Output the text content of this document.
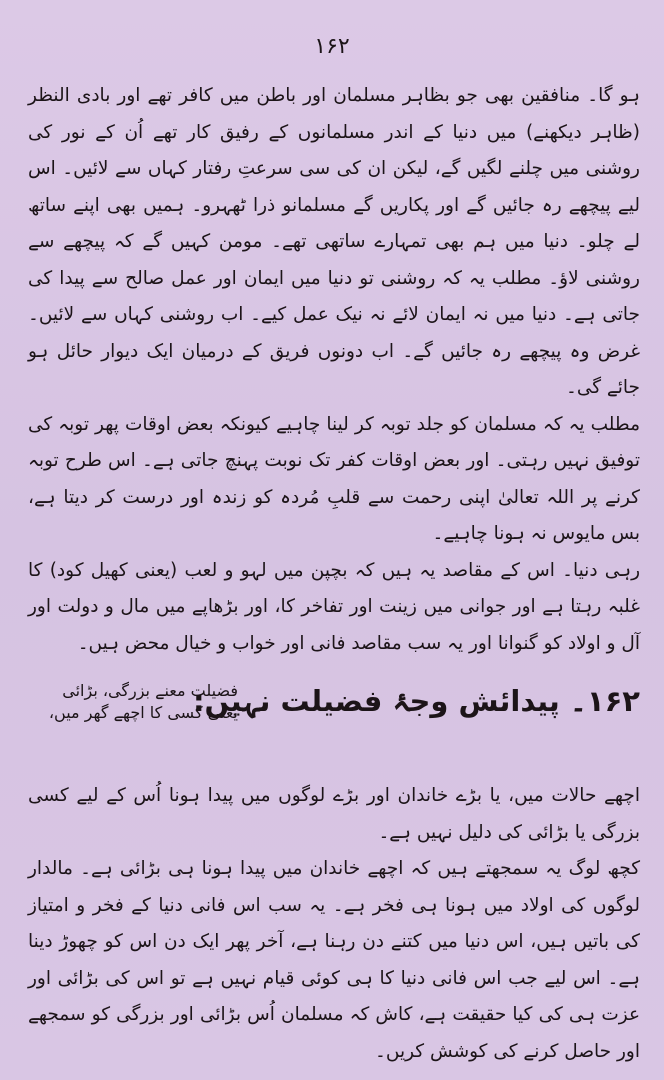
۱۶۲

ہو گا۔ منافقین بھی جو بظاہر مسلمان اور باطن میں کافر تھے اور بادی النظر (ظاہر دیکھنے) میں دنیا کے اندر مسلمانوں کے رفیق کار تھے اُن کے نور کی روشنی میں چلنے لگیں گے، لیکن ان کی سی سرعتِ رفتار کہاں سے لائیں۔ اس لیے پیچھے رہ جائیں گے اور پکاریں گے مسلمانو ذرا ٹھہرو۔ ہمیں بھی اپنے ساتھ لے چلو۔ دنیا میں ہم بھی تمہارے ساتھی تھے۔ مومن کہیں گے کہ پیچھے سے روشنی لاؤ۔ مطلب یہ کہ روشنی تو دنیا میں ایمان اور عمل صالح سے پیدا کی جاتی ہے۔ دنیا میں نہ ایمان لائے نہ نیک عمل کیے۔ اب روشنی کہاں سے لائیں۔ غرض وہ پیچھے رہ جائیں گے۔ اب دونوں فریق کے درمیان ایک دیوار حائل ہو جائے گی۔

مطلب یہ کہ مسلمان کو جلد توبہ کر لینا چاہیے کیونکہ بعض اوقات پھر توبہ کی توفیق نہیں رہتی۔ اور بعض اوقات کفر تک نوبت پہنچ جاتی ہے۔ اس طرح توبہ کرنے پر اللہ تعالیٰ اپنی رحمت سے قلبِ مُردہ کو زندہ اور درست کر دیتا ہے، بس مایوس نہ ہونا چاہیے۔

رہی دنیا۔ اس کے مقاصد یہ ہیں کہ بچپن میں لہو و لعب (یعنی کھیل کود) کا غلبہ رہتا ہے اور جوانی میں زینت اور تفاخر کا، اور بڑھاپے میں مال و دولت اور آل و اولاد کو گنوانا اور یہ سب مقاصد فانی اور خواب و خیال محض ہیں۔

۱۶۲۔ پیدائش وجۂ فضیلت نہیں:
فضیلت معنے بزرگی، بڑائی
یعنی کسی کا اچھے گھر میں،

اچھے حالات میں، یا بڑے خاندان اور بڑے لوگوں میں پیدا ہونا اُس کے لیے کسی بزرگی یا بڑائی کی دلیل نہیں ہے۔

کچھ لوگ یہ سمجھتے ہیں کہ اچھے خاندان میں پیدا ہونا ہی بڑائی ہے۔ مالدار لوگوں کی اولاد میں ہونا ہی فخر ہے۔ یہ سب اس فانی دنیا کے فخر و امتیاز کی باتیں ہیں، اس دنیا میں کتنے دن رہنا ہے، آخر پھر ایک دن اس کو چھوڑ دینا ہے۔ اس لیے جب اس فانی دنیا کا ہی کوئی قیام نہیں ہے تو اس کی بڑائی اور عزت ہی کی کیا حقیقت ہے، کاش کہ مسلمان اُس بڑائی اور بزرگی کو سمجھے اور حاصل کرنے کی کوشش کریں۔
